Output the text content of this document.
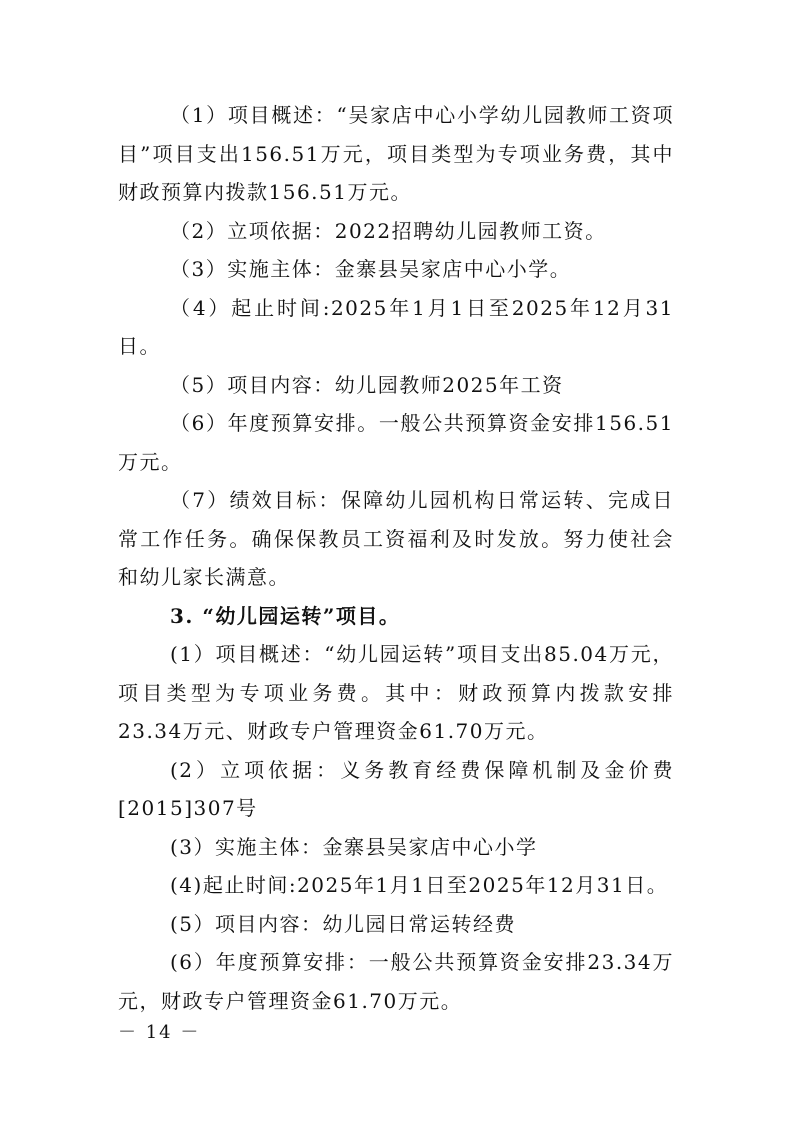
（1）项目概述：“吴家店中心小学幼儿园教师工资项目”项目支出156.51万元，项目类型为专项业务费，其中财政预算内拨款156.51万元。

（2）立项依据：2022招聘幼儿园教师工资。

（3）实施主体：金寨县吴家店中心小学。

（4）起止时间:2025年1月1日至2025年12月31日。

（5）项目内容：幼儿园教师2025年工资

（6）年度预算安排。一般公共预算资金安排156.51万元。

（7）绩效目标：保障幼儿园机构日常运转、完成日常工作任务。确保保教员工资福利及时发放。努力使社会和幼儿家长满意。

3. “幼儿园运转”项目。

(1）项目概述：“幼儿园运转”项目支出85.04万元，项目类型为专项业务费。其中：财政预算内拨款安排23.34万元、财政专户管理资金61.70万元。

(2）立项依据：义务教育经费保障机制及金价费[2015]307号

(3）实施主体：金寨县吴家店中心小学

(4)起止时间:2025年1月1日至2025年12月31日。

(5）项目内容：幼儿园日常运转经费

(6）年度预算安排：一般公共预算资金安排23.34万元，财政专户管理资金61.70万元。

－ 14 －
